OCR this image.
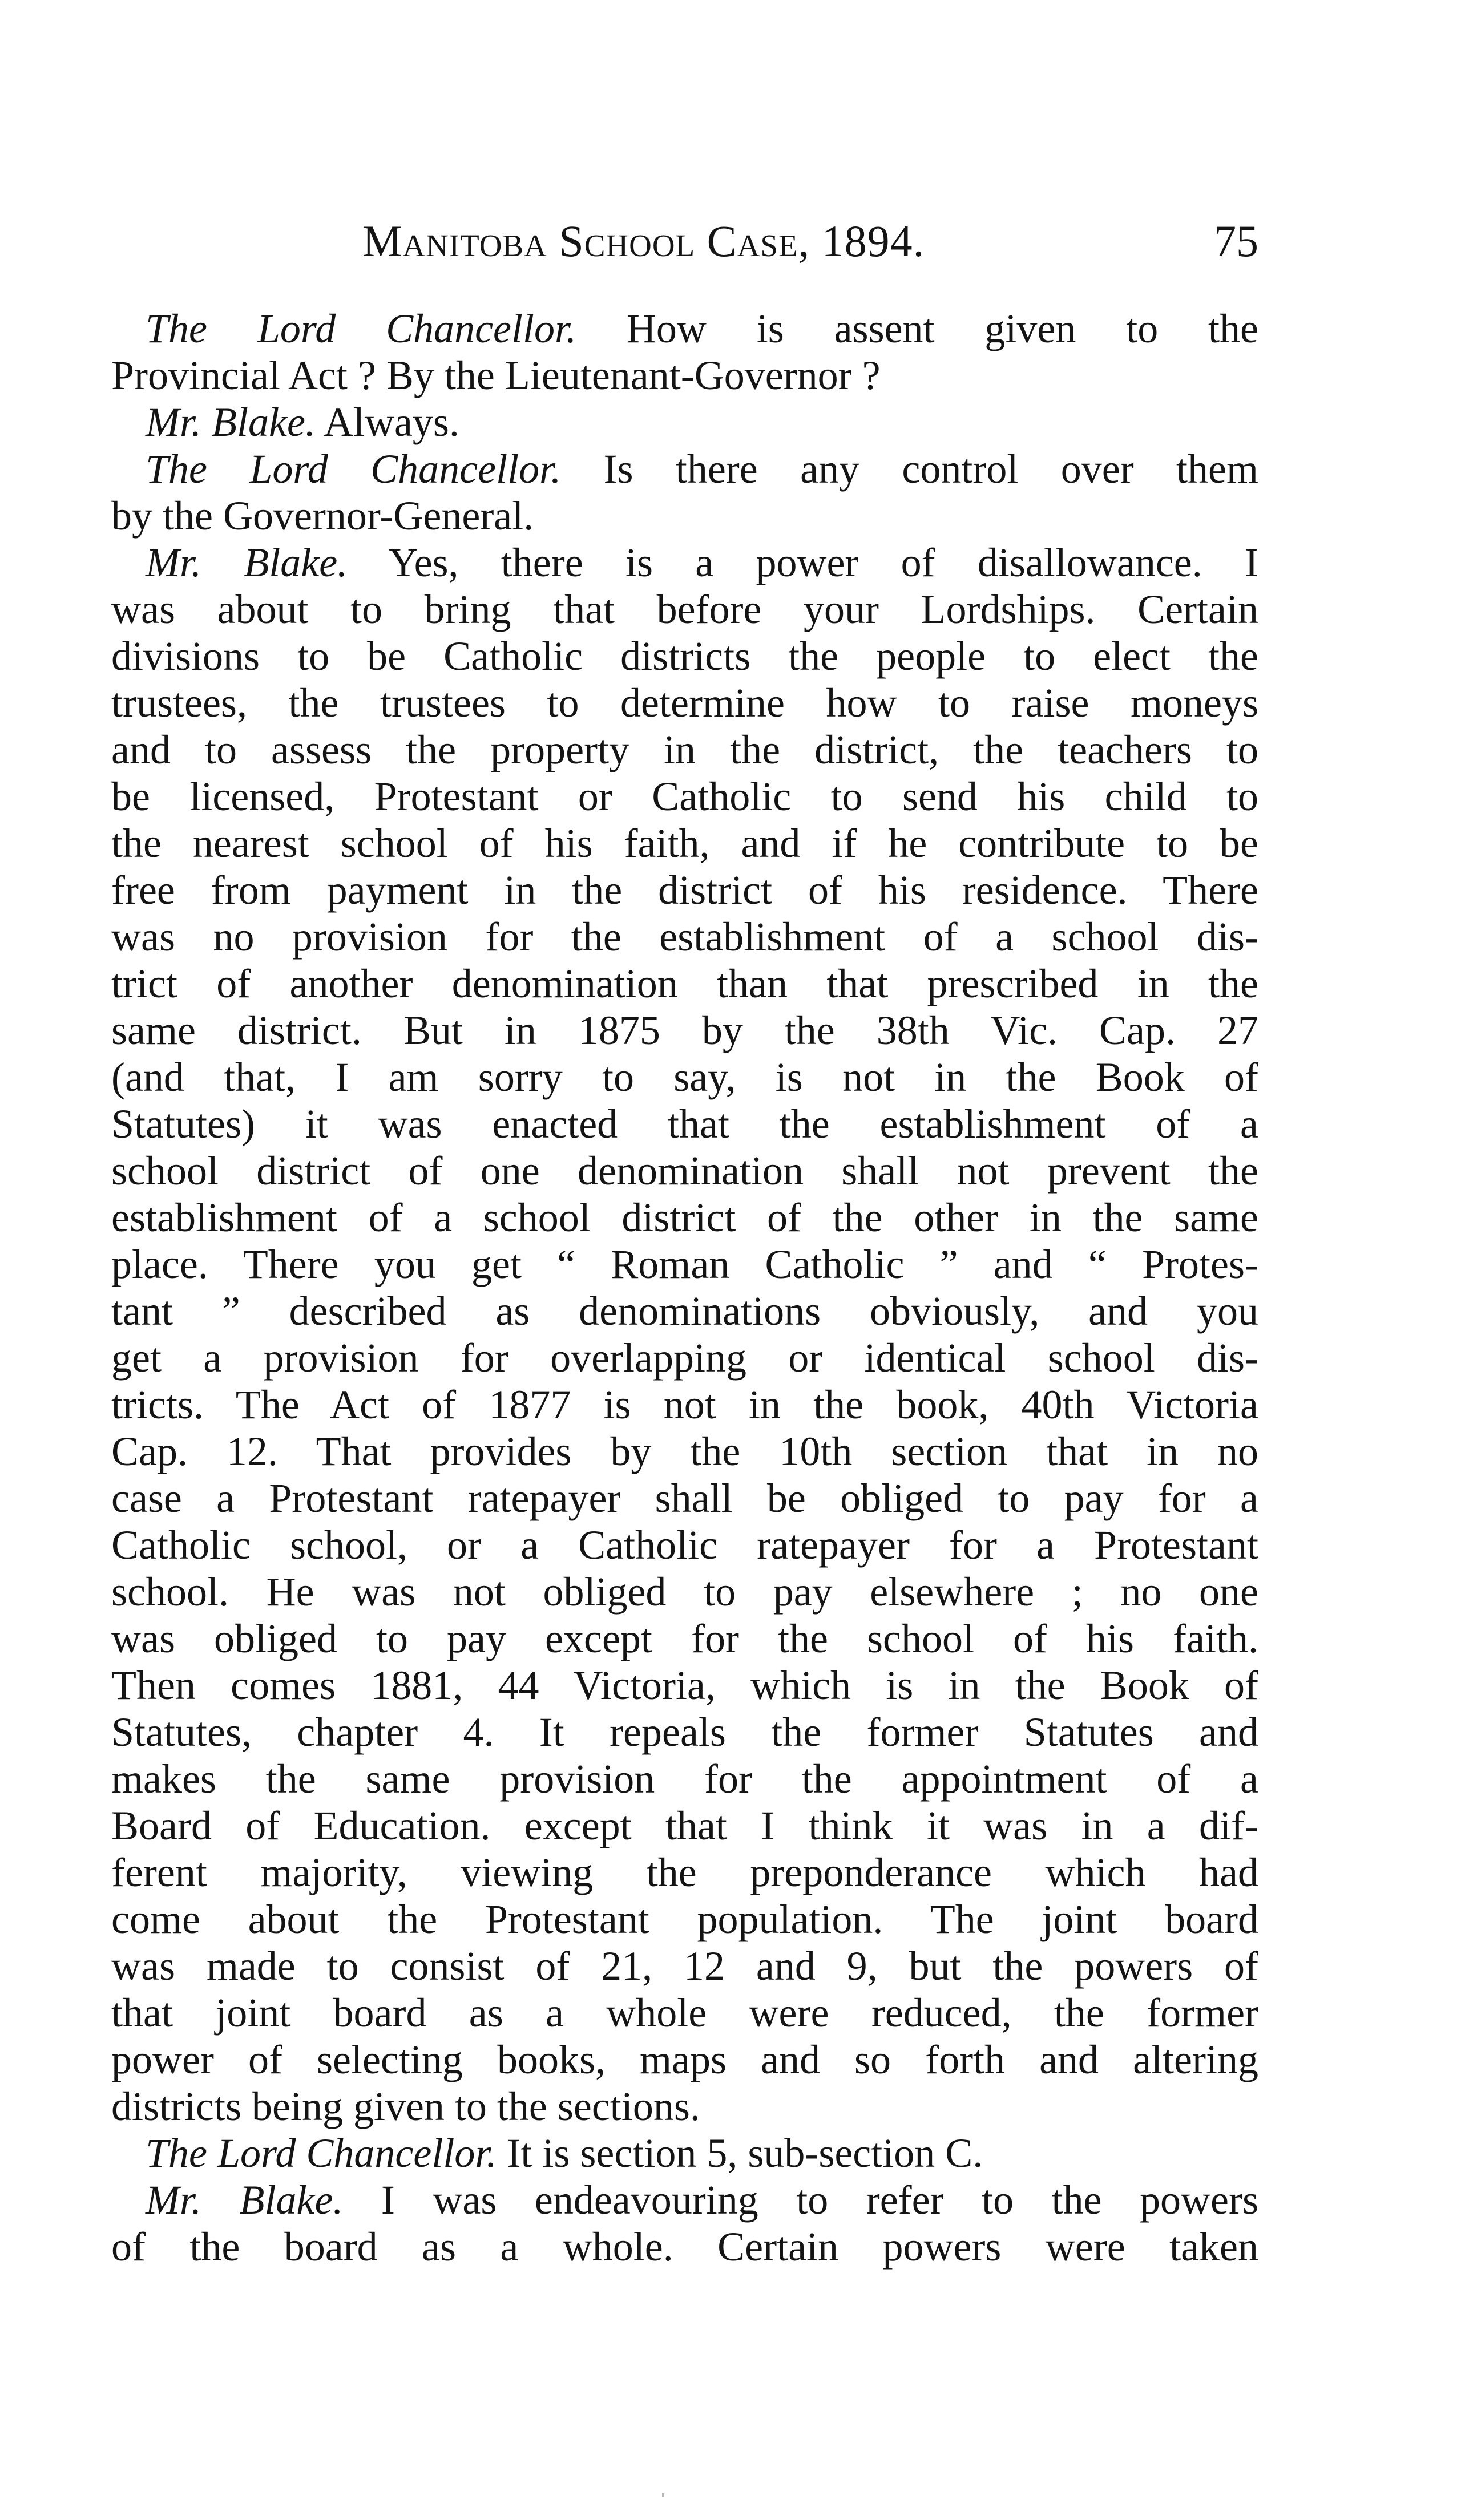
Manitoba School Case, 1894.	75
The Lord Chancellor. How is assent given to the
Provincial Act ? By the Lieutenant-Governor ?
Mr. Blake. Always.
The Lord Chancellor. Is there any control over them
by the Governor-General.
Mr. Blake. Yes, there is a power of disallowance. I
was about to bring that before your Lordships. Certain
divisions to be Catholic districts the people to elect the
trustees, the trustees to determine how to raise moneys
and to assess the property in the district, the teachers to
be licensed, Protestant or Catholic to send his child to
the nearest school of his faith, and if he contribute to be
free from payment in the district of his residence. There
was no provision for the establishment of a school dis-
trict of another denomination than that prescribed in the
same district. But in 1875 by the 38th Vic. Cap. 27
(and that, I am sorry to say, is not in the Book of
Statutes) it was enacted that the establishment of a
school district of one denomination shall not prevent the
establishment of a school district of the other in the same
place. There you get “ Roman Catholic ” and “ Protes-
tant ” described as denominations obviously, and you
get a provision for overlapping or identical school dis-
tricts. The Act of 1877 is not in the book, 40th Victoria
Cap. 12. That provides by the 10th section that in no
case a Protestant ratepayer shall be obliged to pay for a
Catholic school, or a Catholic ratepayer for a Protestant
school. He was not obliged to pay elsewhere ; no one
was obliged to pay except for the school of his faith.
Then comes 1881, 44 Victoria, which is in the Book of
Statutes, chapter 4. It repeals the former Statutes and
makes the same provision for the appointment of a
Board of Education. except that I think it was in a dif-
ferent majority, viewing the preponderance which had
come about the Protestant population. The joint board
was made to consist of 21, 12 and 9, but the powers of
that joint board as a whole were reduced, the former
power of selecting books, maps and so forth and altering
districts being given to the sections.
The Lord Chancellor. It is section 5, sub-section C.
Mr. Blake. I was endeavouring to refer to the powers
of the board as a whole. Certain powers were taken
